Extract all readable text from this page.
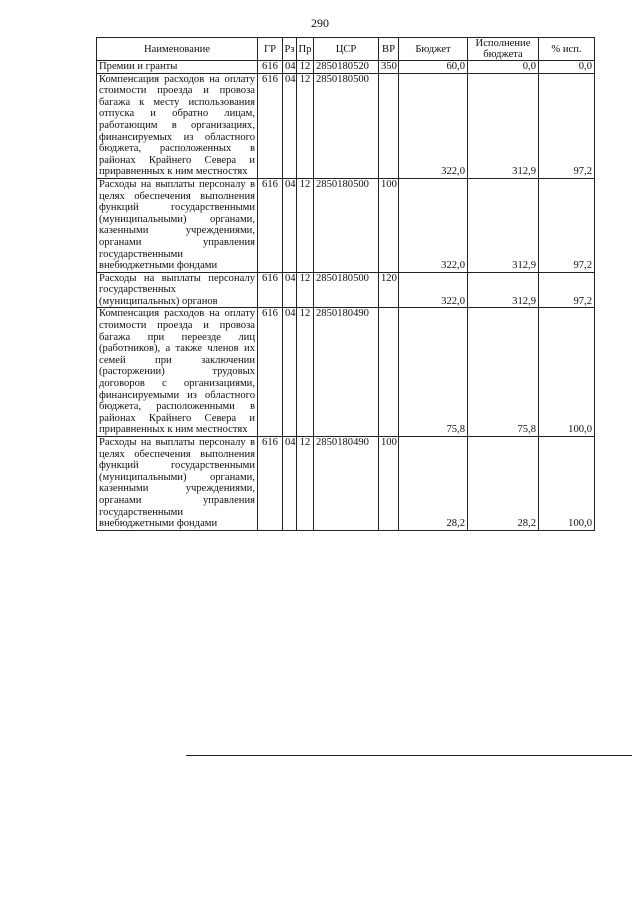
290
Наименование	ГР	Рз	Пр	ЦСР	ВР	Бюджет	Исполнение бюджета	% исп.
Премии и гранты	616	04	12	2850180520	350	60,0	0,0	0,0
Компенсация расходов на оплату стоимости проезда и провоза багажа к месту использования отпуска и обратно лицам, работающим в организациях, финансируемых из областного бюджета, расположенных в районах Крайнего Севера и приравненных к ним местностях	616	04	12	2850180500		322,0	312,9	97,2
Расходы на выплаты персоналу в целях обеспечения выполнения функций государственными (муниципальными) органами, казенными учреждениями, органами управления государственными внебюджетными фондами	616	04	12	2850180500	100	322,0	312,9	97,2
Расходы на выплаты персоналу государственных (муниципальных) органов	616	04	12	2850180500	120	322,0	312,9	97,2
Компенсация расходов на оплату стоимости проезда и провоза багажа при переезде лиц (работников), а также членов их семей при заключении (расторжении) трудовых договоров с организациями, финансируемыми из областного бюджета, расположенными в районах Крайнего Севера и приравненных к ним местностях	616	04	12	2850180490		75,8	75,8	100,0
Расходы на выплаты персоналу в целях обеспечения выполнения функций государственными (муниципальными) органами, казенными учреждениями, органами управления государственными внебюджетными фондами	616	04	12	2850180490	100	28,2	28,2	100,0
